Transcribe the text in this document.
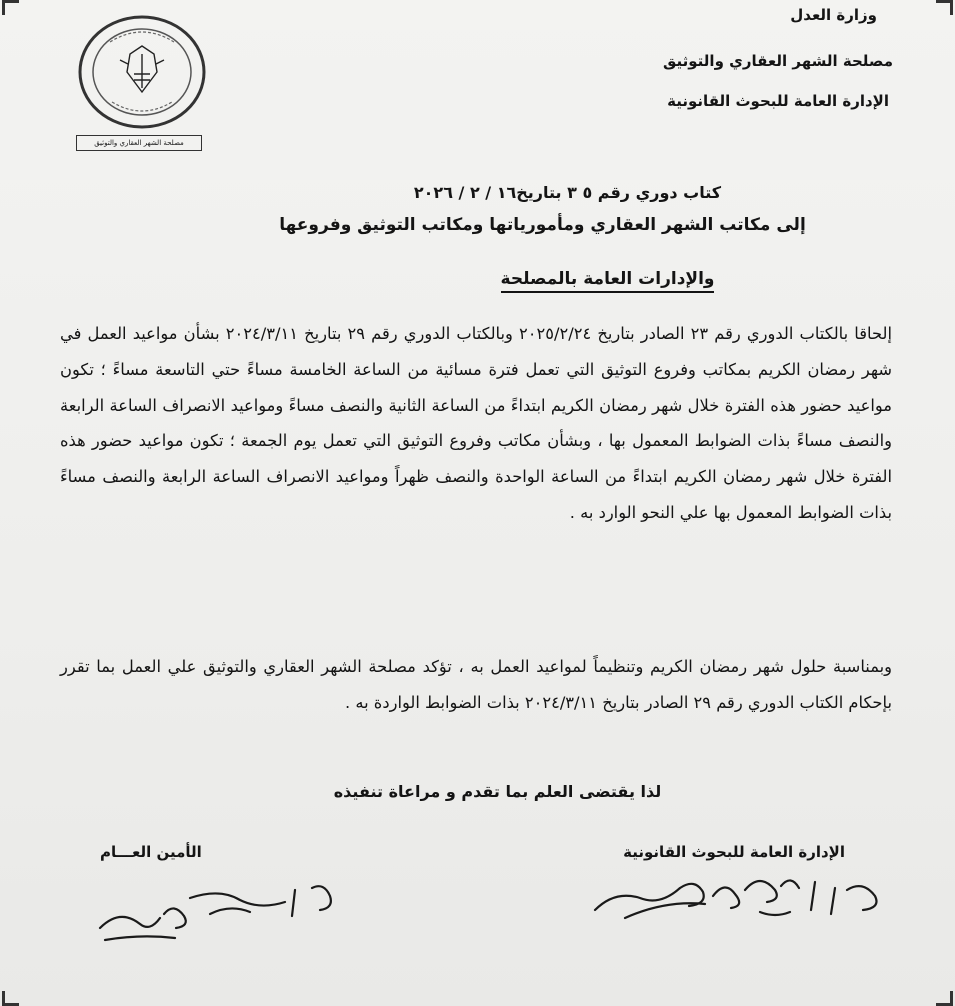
وزارة العدل
مصلحة الشهر العقاري والتوثيق
الإدارة العامة للبحوث القانونية
مصلحة الشهر العقاري والتوثيق
كتاب دوري رقم ٥ ٣ بتاريخ١٦ / ٢ / ٢٠٢٦
إلى مكاتب الشهر العقاري ومأمورياتها ومكاتب التوثيق وفروعها
والإدارات العامة بالمصلحة
إلحاقا بالكتاب الدوري رقم ٢٣ الصادر بتاريخ ٢٠٢٥/٢/٢٤ وبالكتاب الدوري رقم ٢٩ بتاريخ ٢٠٢٤/٣/١١ بشأن مواعيد العمل في شهر رمضان الكريم بمكاتب وفروع التوثيق التي تعمل فترة مسائية من الساعة الخامسة مساءً حتي التاسعة مساءً ؛ تكون مواعيد حضور هذه الفترة خلال شهر رمضان الكريم ابتداءً من الساعة الثانية والنصف مساءً ومواعيد الانصراف الساعة الرابعة والنصف مساءً بذات الضوابط المعمول بها ، وبشأن مكاتب وفروع التوثيق التي تعمل يوم الجمعة ؛ تكون مواعيد حضور هذه الفترة خلال شهر رمضان الكريم ابتداءً من الساعة الواحدة والنصف ظهراً ومواعيد الانصراف الساعة الرابعة والنصف مساءً بذات الضوابط المعمول بها علي النحو الوارد به .
وبمناسبة حلول شهر رمضان الكريم وتنظيماً لمواعيد العمل به ، تؤكد مصلحة الشهر العقاري والتوثيق علي العمل بما تقرر بإحكام الكتاب الدوري رقم ٢٩ الصادر بتاريخ ٢٠٢٤/٣/١١ بذات الضوابط الواردة به .
لذا يقتضى العلم بما تقدم و مراعاة تنفيذه
الإدارة العامة للبحوث القانونية
الأمين العـــام
